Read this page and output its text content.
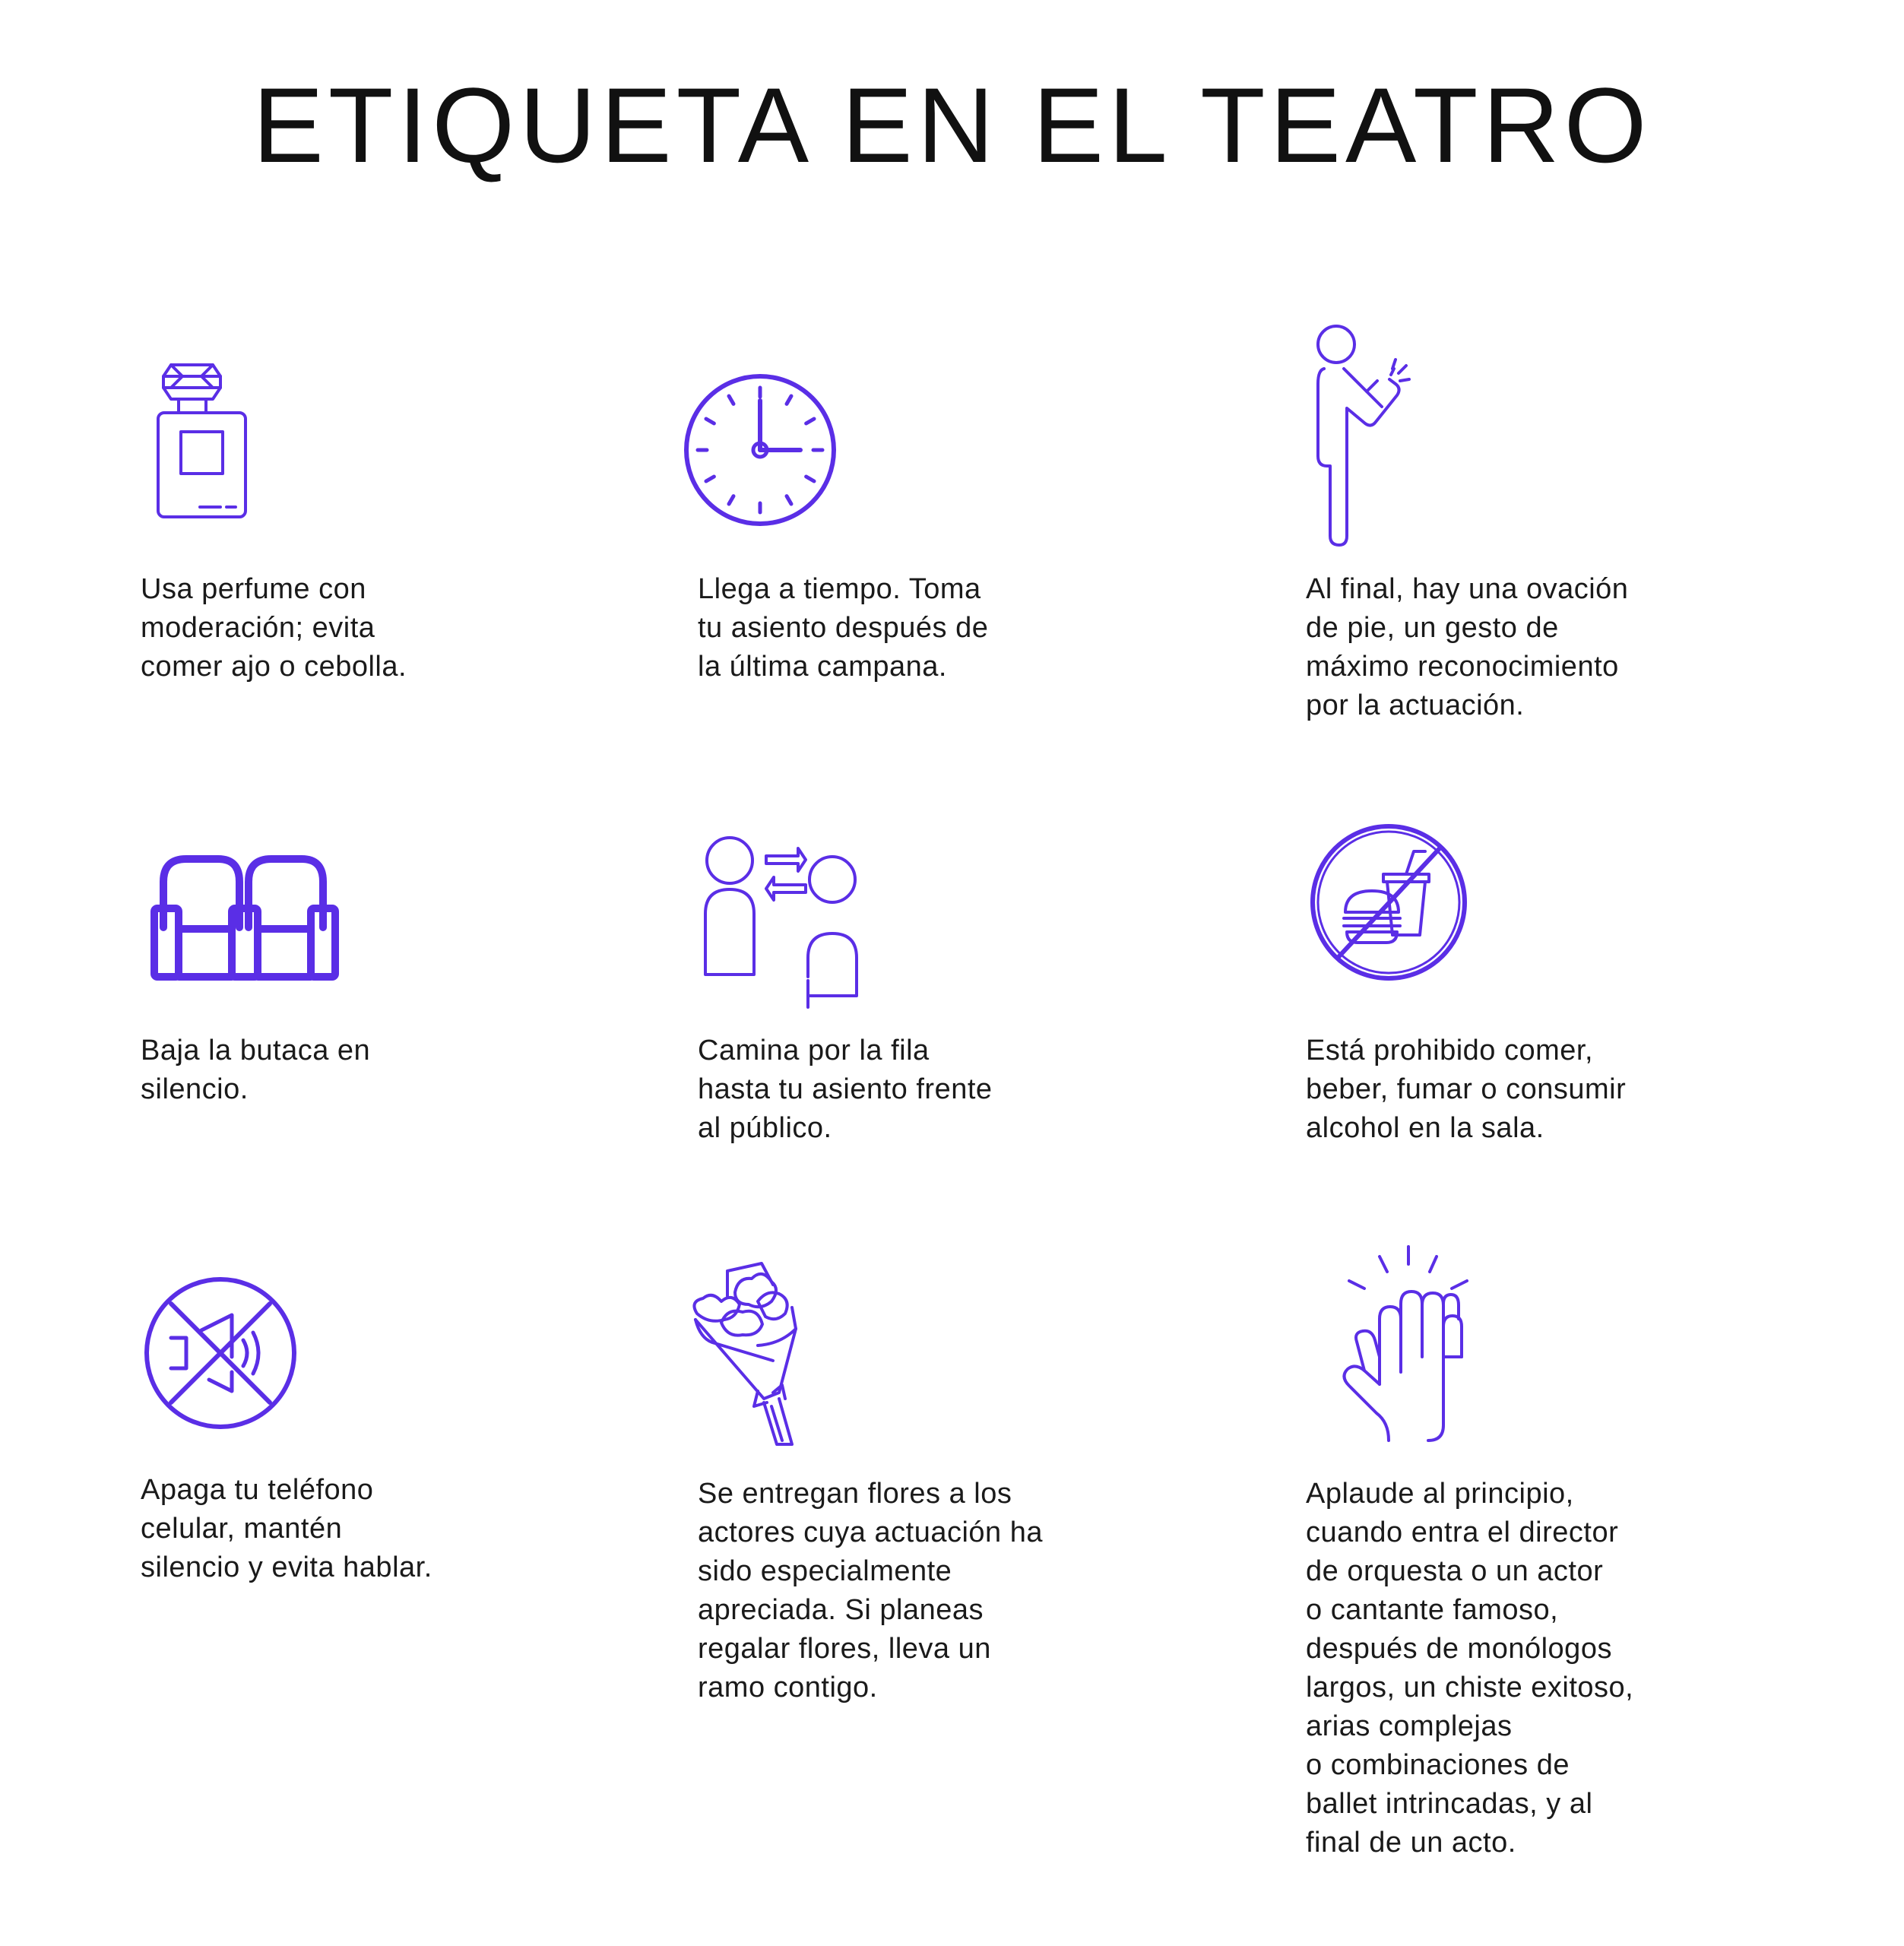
ETIQUETA EN EL TEATRO

Usa perfume con
moderación; evita
comer ajo o cebolla.

Llega a tiempo. Toma
tu asiento después de
la última campana.

Al final, hay una ovación
de pie, un gesto de
máximo reconocimiento
por la actuación.

Baja la butaca en
silencio.

Camina por la fila
hasta tu asiento frente
al público.

Está prohibido comer,
beber, fumar o consumir
alcohol en la sala.

Apaga tu teléfono
celular, mantén
silencio y evita hablar.

Se entregan flores a los
actores cuya actuación ha
sido especialmente
apreciada. Si planeas
regalar flores, lleva un
ramo contigo.

Aplaude al principio,
cuando entra el director
de orquesta o un actor
o cantante famoso,
después de monólogos
largos, un chiste exitoso,
arias complejas
o combinaciones de
ballet intrincadas, y al
final de un acto.
